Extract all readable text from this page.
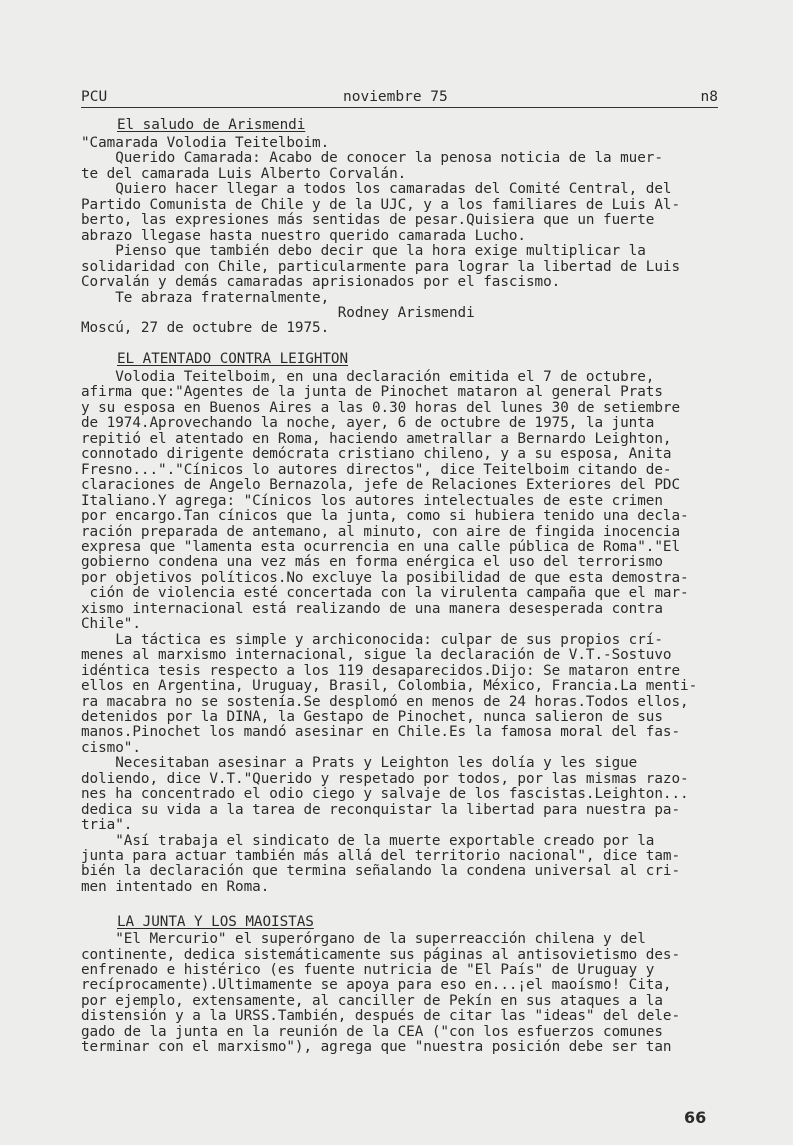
PCU	noviembre 75	n8
El saludo de Arismendi
"Camarada Volodia Teitelboim.
Querido Camarada: Acabo de conocer la penosa noticia de la muer-
te del camarada Luis Alberto Corvalán.
Quiero hacer llegar a todos los camaradas del Comité Central, del
Partido Comunista de Chile y de la UJC, y a los familiares de Luis Al-
berto, las expresiones más sentidas de pesar.Quisiera que un fuerte
abrazo llegase hasta nuestro querido camarada Lucho.
Pienso que también debo decir que la hora exige multiplicar la
solidaridad con Chile, particularmente para lograr la libertad de Luis
Corvalán y demás camaradas aprisionados por el fascismo.
Te abraza fraternalmente,
Rodney Arismendi
Moscú, 27 de octubre de 1975.
EL ATENTADO CONTRA LEIGHTON
Volodia Teitelboim, en una declaración emitida el 7 de octubre,
afirma que:"Agentes de la junta de Pinochet mataron al general Prats
y su esposa en Buenos Aires a las 0.30 horas del lunes 30 de setiembre
de 1974.Aprovechando la noche, ayer, 6 de octubre de 1975, la junta
repitió el atentado en Roma, haciendo ametrallar a Bernardo Leighton,
connotado dirigente demócrata cristiano chileno, y a su esposa, Anita
Fresno..."."Cínicos lo autores directos", dice Teitelboim citando de-
claraciones de Angelo Bernazola, jefe de Relaciones Exteriores del PDC
Italiano.Y agrega: "Cínicos los autores intelectuales de este crimen
por encargo.Tan cínicos que la junta, como si hubiera tenido una decla-
ración preparada de antemano, al minuto, con aire de fingida inocencia
expresa que "lamenta esta ocurrencia en una calle pública de Roma"."El
gobierno condena una vez más en forma enérgica el uso del terrorismo
por objetivos políticos.No excluye la posibilidad de que esta demostra-
ción de violencia esté concertada con la virulenta campaña que el mar-
xismo internacional está realizando de una manera desesperada contra
Chile".
La táctica es simple y archiconocida: culpar de sus propios crí-
menes al marxismo internacional, sigue la declaración de V.T.-Sostuvo
idéntica tesis respecto a los 119 desaparecidos.Dijo: Se mataron entre
ellos en Argentina, Uruguay, Brasil, Colombia, México, Francia.La menti-
ra macabra no se sostenía.Se desplomó en menos de 24 horas.Todos ellos,
detenidos por la DINA, la Gestapo de Pinochet, nunca salieron de sus
manos.Pinochet los mandó asesinar en Chile.Es la famosa moral del fas-
cismo".
Necesitaban asesinar a Prats y Leighton les dolía y les sigue
doliendo, dice V.T."Querido y respetado por todos, por las mismas razo-
nes ha concentrado el odio ciego y salvaje de los fascistas.Leighton...
dedica su vida a la tarea de reconquistar la libertad para nuestra pa-
tria".
"Así trabaja el sindicato de la muerte exportable creado por la
junta para actuar también más allá del territorio nacional", dice tam-
bién la declaración que termina señalando la condena universal al cri-
men intentado en Roma.
LA JUNTA Y LOS MAOISTAS
"El Mercurio" el superórgano de la superreacción chilena y del
continente, dedica sistemáticamente sus páginas al antisovietismo des-
enfrenado e histérico (es fuente nutricia de "El País" de Uruguay y
recíprocamente).Ultimamente se apoya para eso en...¡el maoísmo! Cita,
por ejemplo, extensamente, al canciller de Pekín en sus ataques a la
distensión y a la URSS.También, después de citar las "ideas" del dele-
gado de la junta en la reunión de la CEA ("con los esfuerzos comunes
terminar con el marxismo"), agrega que "nuestra posición debe ser tan
66
